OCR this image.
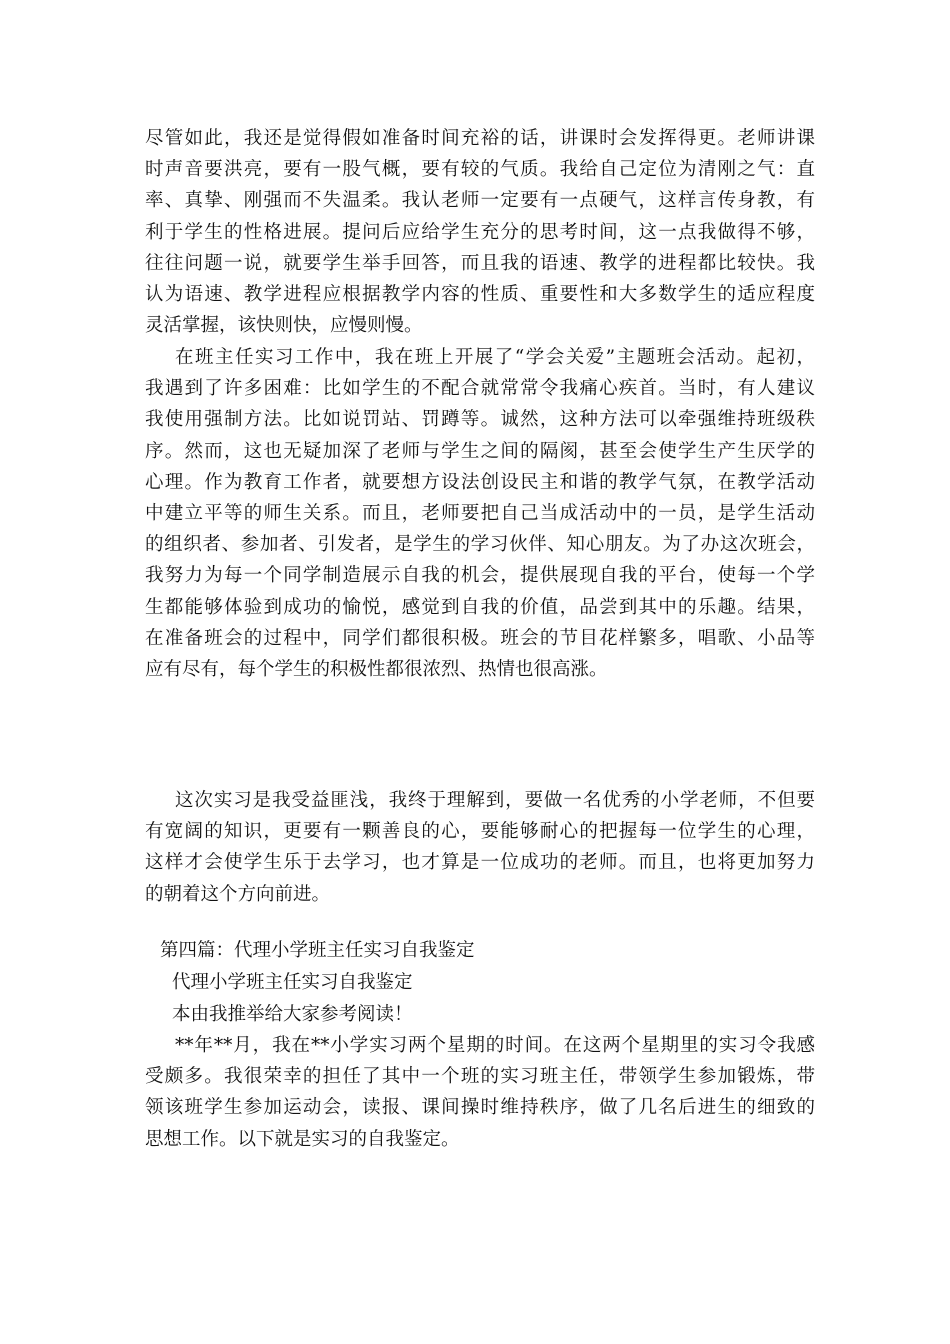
尽管如此，我还是觉得假如准备时间充裕的话，讲课时会发挥得更。老师讲课
时声音要洪亮，要有一股气概，要有较的气质。我给自己定位为清刚之气：直
率、真挚、刚强而不失温柔。我认老师一定要有一点硬气，这样言传身教，有
利于学生的性格进展。提问后应给学生充分的思考时间，这一点我做得不够，
往往问题一说，就要学生举手回答，而且我的语速、教学的进程都比较快。我
认为语速、教学进程应根据教学内容的性质、重要性和大多数学生的适应程度
灵活掌握，该快则快，应慢则慢。
在班主任实习工作中，我在班上开展了“学会关爱”主题班会活动。起初，
我遇到了许多困难：比如学生的不配合就常常令我痛心疾首。当时，有人建议
我使用强制方法。比如说罚站、罚蹲等。诚然，这种方法可以牵强维持班级秩
序。然而，这也无疑加深了老师与学生之间的隔阂，甚至会使学生产生厌学的
心理。作为教育工作者，就要想方设法创设民主和谐的教学气氛，在教学活动
中建立平等的师生关系。而且，老师要把自己当成活动中的一员，是学生活动
的组织者、参加者、引发者，是学生的学习伙伴、知心朋友。为了办这次班会，
我努力为每一个同学制造展示自我的机会，提供展现自我的平台，使每一个学
生都能够体验到成功的愉悦，感觉到自我的价值，品尝到其中的乐趣。结果，
在准备班会的过程中，同学们都很积极。班会的节目花样繁多，唱歌、小品等
应有尽有，每个学生的积极性都很浓烈、热情也很高涨。
这次实习是我受益匪浅，我终于理解到，要做一名优秀的小学老师，不但要
有宽阔的知识，更要有一颗善良的心，要能够耐心的把握每一位学生的心理，
这样才会使学生乐于去学习，也才算是一位成功的老师。而且，也将更加努力
的朝着这个方向前进。

第四篇：代理小学班主任实习自我鉴定

代理小学班主任实习自我鉴定

本由我推举给大家参考阅读！

**年**月，我在**小学实习两个星期的时间。在这两个星期里的实习令我感
受颇多。我很荣幸的担任了其中一个班的实习班主任，带领学生参加锻炼，带
领该班学生参加运动会，读报、课间操时维持秩序，做了几名后进生的细致的
思想工作。以下就是实习的自我鉴定。
